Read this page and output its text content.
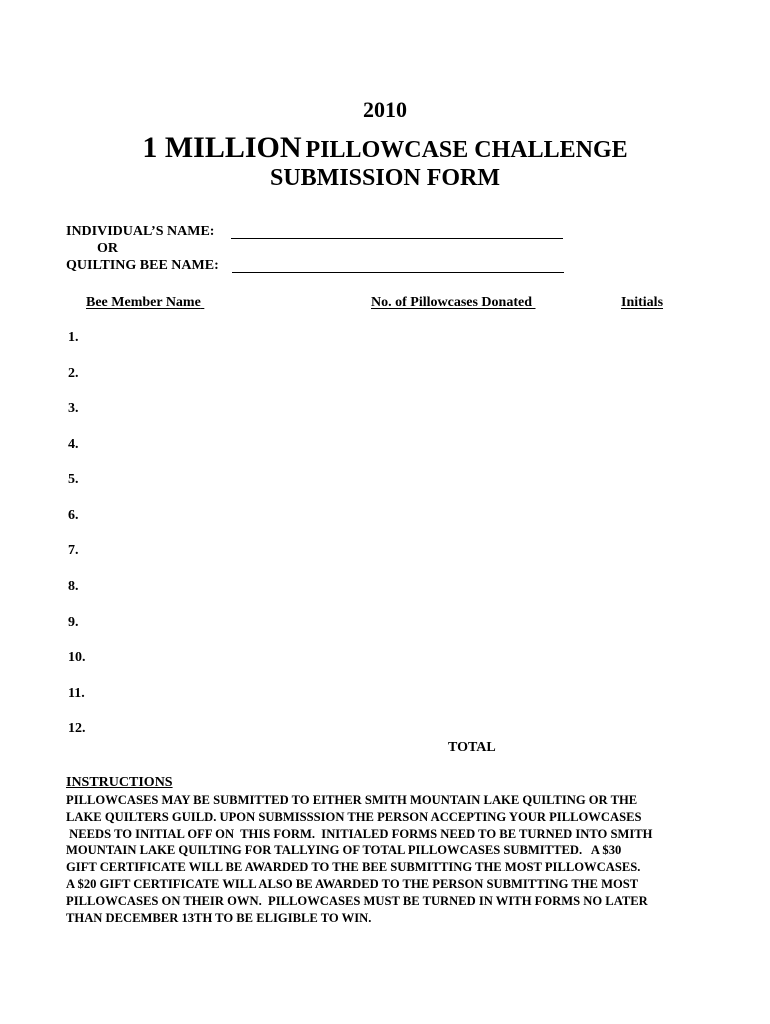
2010
1 MILLION PILLOWCASE CHALLENGE
SUBMISSION FORM
INDIVIDUAL’S NAME:
OR
QUILTING BEE NAME:
Bee Member Name	No. of Pillowcases Donated	Initials
1.
2.
3.
4.
5.
6.
7.
8.
9.
10.
11.
12.
TOTAL
INSTRUCTIONS
PILLOWCASES MAY BE SUBMITTED TO EITHER SMITH MOUNTAIN LAKE QUILTING OR THE
LAKE QUILTERS GUILD. UPON SUBMISSSION THE PERSON ACCEPTING YOUR PILLOWCASES
NEEDS TO INITIAL OFF ON  THIS FORM.  INITIALED FORMS NEED TO BE TURNED INTO SMITH
MOUNTAIN LAKE QUILTING FOR TALLYING OF TOTAL PILLOWCASES SUBMITTED.   A $30
GIFT CERTIFICATE WILL BE AWARDED TO THE BEE SUBMITTING THE MOST PILLOWCASES.
A $20 GIFT CERTIFICATE WILL ALSO BE AWARDED TO THE PERSON SUBMITTING THE MOST
PILLOWCASES ON THEIR OWN.  PILLOWCASES MUST BE TURNED IN WITH FORMS NO LATER
THAN DECEMBER 13TH TO BE ELIGIBLE TO WIN.
